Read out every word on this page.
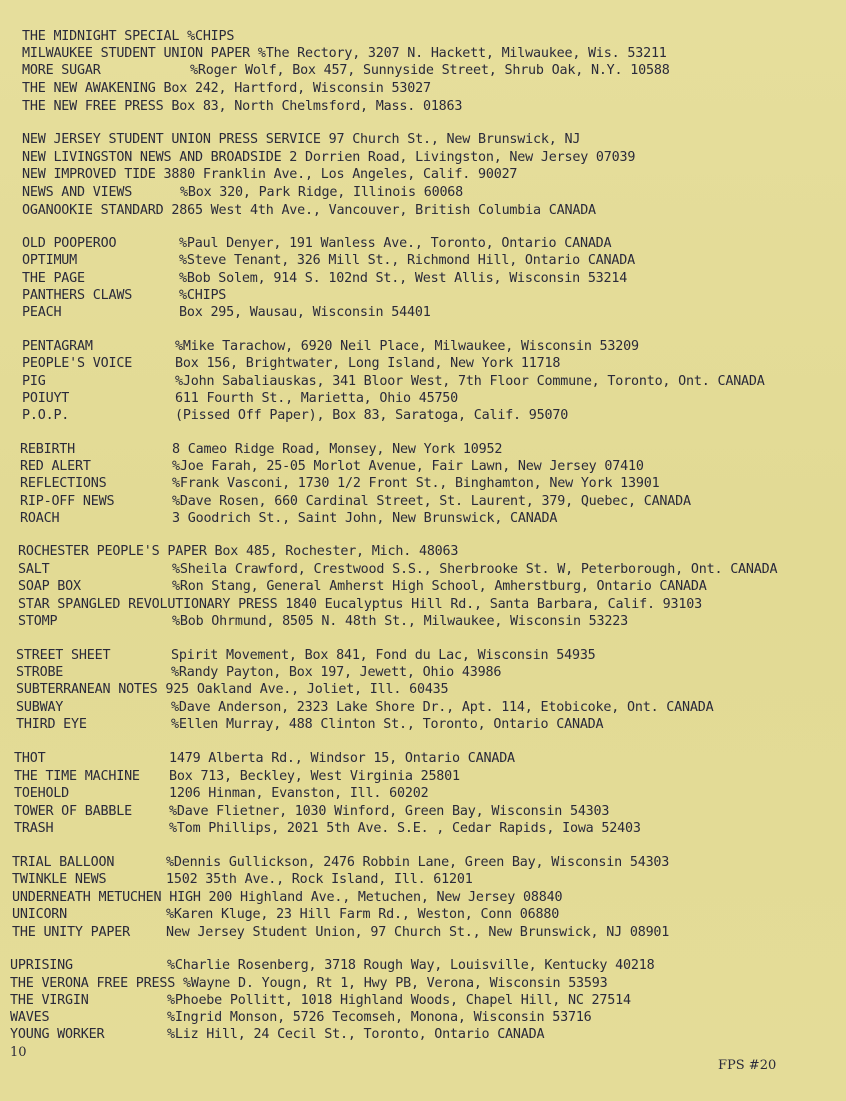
THE MIDNIGHT SPECIAL %CHIPS
MILWAUKEE STUDENT UNION PAPER %The Rectory, 3207 N. Hackett, Milwaukee, Wis. 53211
MORE SUGAR	%Roger Wolf, Box 457, Sunnyside Street, Shrub Oak, N.Y. 10588
THE NEW AWAKENING Box 242, Hartford, Wisconsin 53027
THE NEW FREE PRESS Box 83, North Chelmsford, Mass. 01863
NEW JERSEY STUDENT UNION PRESS SERVICE 97 Church St., New Brunswick, NJ
NEW LIVINGSTON NEWS AND BROADSIDE 2 Dorrien Road, Livingston, New Jersey 07039
NEW IMPROVED TIDE 3880 Franklin Ave., Los Angeles, Calif. 90027
NEWS AND VIEWS	%Box 320, Park Ridge, Illinois 60068
OGANOOKIE STANDARD 2865 West 4th Ave., Vancouver, British Columbia CANADA
OLD POOPEROO	%Paul Denyer, 191 Wanless Ave., Toronto, Ontario CANADA
OPTIMUM	%Steve Tenant, 326 Mill St., Richmond Hill, Ontario CANADA
THE PAGE	%Bob Solem, 914 S. 102nd St., West Allis, Wisconsin 53214
PANTHERS CLAWS	%CHIPS
PEACH	Box 295, Wausau, Wisconsin 54401
PENTAGRAM	%Mike Tarachow, 6920 Neil Place, Milwaukee, Wisconsin 53209
PEOPLE'S VOICE	Box 156, Brightwater, Long Island, New York 11718
PIG	%John Sabaliauskas, 341 Bloor West, 7th Floor Commune, Toronto, Ont. CANADA
POIUYT	611 Fourth St., Marietta, Ohio 45750
P.O.P.	(Pissed Off Paper), Box 83, Saratoga, Calif. 95070
REBIRTH	8 Cameo Ridge Road, Monsey, New York 10952
RED ALERT	%Joe Farah, 25-05 Morlot Avenue, Fair Lawn, New Jersey 07410
REFLECTIONS	%Frank Vasconi, 1730 1/2 Front St., Binghamton, New York 13901
RIP-OFF NEWS	%Dave Rosen, 660 Cardinal Street, St. Laurent, 379, Quebec, CANADA
ROACH	3 Goodrich St., Saint John, New Brunswick, CANADA
ROCHESTER PEOPLE'S PAPER Box 485, Rochester, Mich. 48063
SALT	%Sheila Crawford, Crestwood S.S., Sherbrooke St. W, Peterborough, Ont. CANADA
SOAP BOX	%Ron Stang, General Amherst High School, Amherstburg, Ontario CANADA
STAR SPANGLED REVOLUTIONARY PRESS 1840 Eucalyptus Hill Rd., Santa Barbara, Calif. 93103
STOMP	%Bob Ohrmund, 8505 N. 48th St., Milwaukee, Wisconsin 53223
STREET SHEET	Spirit Movement, Box 841, Fond du Lac, Wisconsin 54935
STROBE	%Randy Payton, Box 197, Jewett, Ohio 43986
SUBTERRANEAN NOTES 925 Oakland Ave., Joliet, Ill. 60435
SUBWAY	%Dave Anderson, 2323 Lake Shore Dr., Apt. 114, Etobicoke, Ont. CANADA
THIRD EYE	%Ellen Murray, 488 Clinton St., Toronto, Ontario CANADA
THOT	1479 Alberta Rd., Windsor 15, Ontario CANADA
THE TIME MACHINE Box 713, Beckley, West Virginia 25801
TOEHOLD	1206 Hinman, Evanston, Ill. 60202
TOWER OF BABBLE	%Dave Flietner, 1030 Winford, Green Bay, Wisconsin 54303
TRASH	%Tom Phillips, 2021 5th Ave. S.E. , Cedar Rapids, Iowa 52403
TRIAL BALLOON	%Dennis Gullickson, 2476 Robbin Lane, Green Bay, Wisconsin 54303
TWINKLE NEWS	1502 35th Ave., Rock Island, Ill. 61201
UNDERNEATH METUCHEN HIGH 200 Highland Ave., Metuchen, New Jersey 08840
UNICORN	%Karen Kluge, 23 Hill Farm Rd., Weston, Conn 06880
THE UNITY PAPER	New Jersey Student Union, 97 Church St., New Brunswick, NJ 08901
UPRISING	%Charlie Rosenberg, 3718 Rough Way, Louisville, Kentucky 40218
THE VERONA FREE PRESS %Wayne D. Yougn, Rt 1, Hwy PB, Verona, Wisconsin 53593
THE VIRGIN	%Phoebe Pollitt, 1018 Highland Woods, Chapel Hill, NC 27514
WAVES	%Ingrid Monson, 5726 Tecomseh, Monona, Wisconsin 53716
YOUNG WORKER	%Liz Hill, 24 Cecil St., Toronto, Ontario CANADA
10
FPS #20
